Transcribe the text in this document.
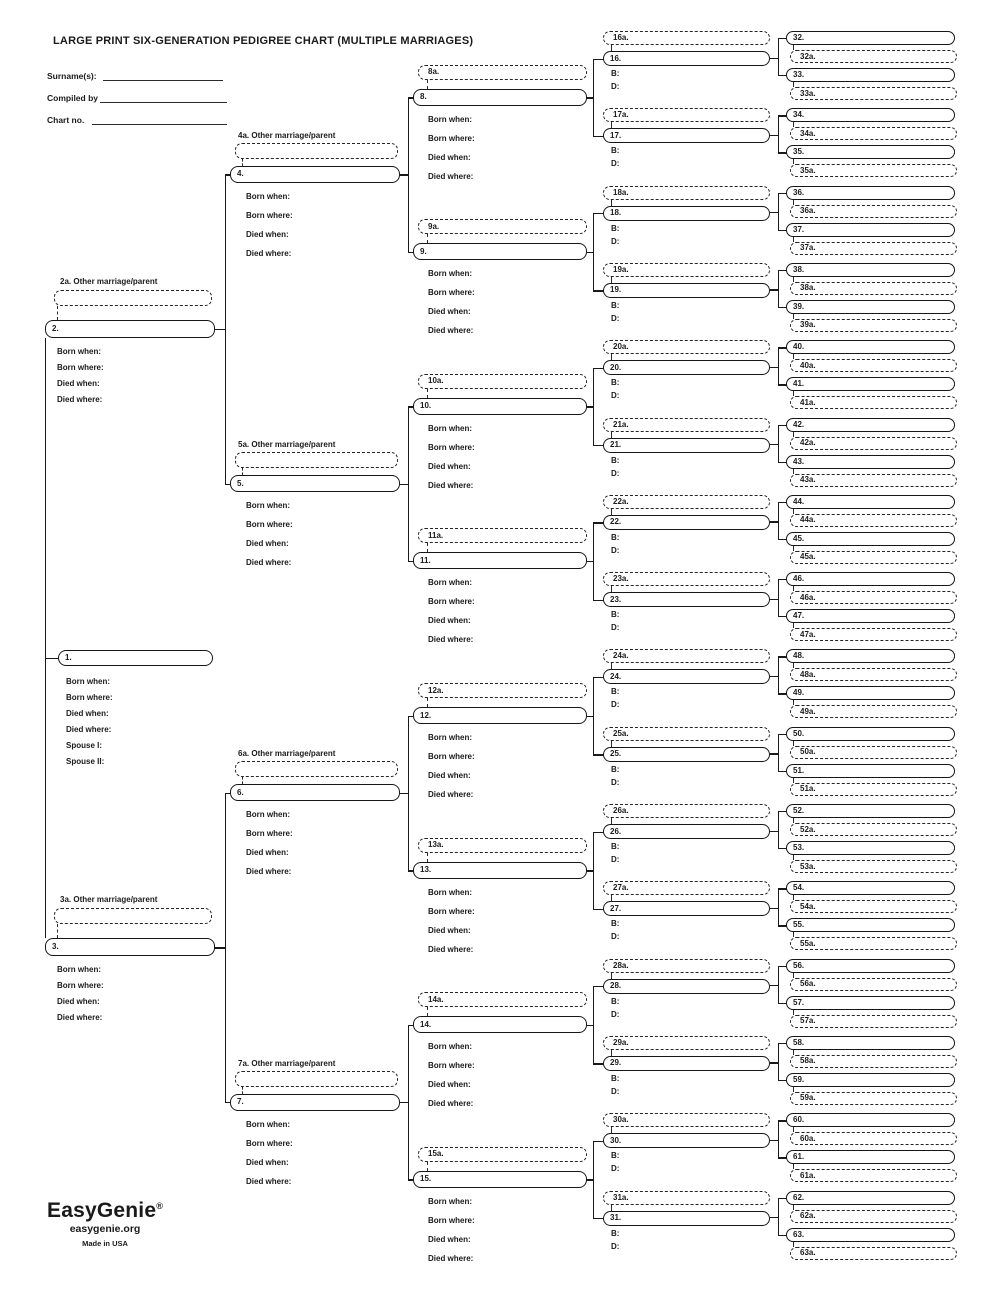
LARGE PRINT SIX-GENERATION PEDIGREE CHART (MULTIPLE MARRIAGES)
Surname(s):
Compiled by
Chart no.
32.
32a.
33.
33a.
34.
34a.
35.
35a.
36.
36a.
37.
37a.
38.
38a.
39.
39a.
40.
40a.
41.
41a.
42.
42a.
43.
43a.
44.
44a.
45.
45a.
46.
46a.
47.
47a.
48.
48a.
49.
49a.
50.
50a.
51.
51a.
52.
52a.
53.
53a.
54.
54a.
55.
55a.
56.
56a.
57.
57a.
58.
58a.
59.
59a.
60.
60a.
61.
61a.
62.
62a.
63.
63a.
16a.
16.
B:
D:
17a.
17.
B:
D:
18a.
18.
B:
D:
19a.
19.
B:
D:
20a.
20.
B:
D:
21a.
21.
B:
D:
22a.
22.
B:
D:
23a.
23.
B:
D:
24a.
24.
B:
D:
25a.
25.
B:
D:
26a.
26.
B:
D:
27a.
27.
B:
D:
28a.
28.
B:
D:
29a.
29.
B:
D:
30a.
30.
B:
D:
31a.
31.
B:
D:
8a.
8.
Born when:
Born where:
Died when:
Died where:
9a.
9.
Born when:
Born where:
Died when:
Died where:
10a.
10.
Born when:
Born where:
Died when:
Died where:
11a.
11.
Born when:
Born where:
Died when:
Died where:
12a.
12.
Born when:
Born where:
Died when:
Died where:
13a.
13.
Born when:
Born where:
Died when:
Died where:
14a.
14.
Born when:
Born where:
Died when:
Died where:
15a.
15.
Born when:
Born where:
Died when:
Died where:
4a. Other marriage/parent
4.
Born when:
Born where:
Died when:
Died where:
5a. Other marriage/parent
5.
Born when:
Born where:
Died when:
Died where:
6a. Other marriage/parent
6.
Born when:
Born where:
Died when:
Died where:
7a. Other marriage/parent
7.
Born when:
Born where:
Died when:
Died where:
2a. Other marriage/parent
2.
Born when:
Born where:
Died when:
Died where:
3a. Other marriage/parent
3.
Born when:
Born where:
Died when:
Died where:
1.
Born when:
Born where:
Died when:
Died where:
Spouse I:
Spouse II:
EasyGenie®
easygenie.org
Made in USA
